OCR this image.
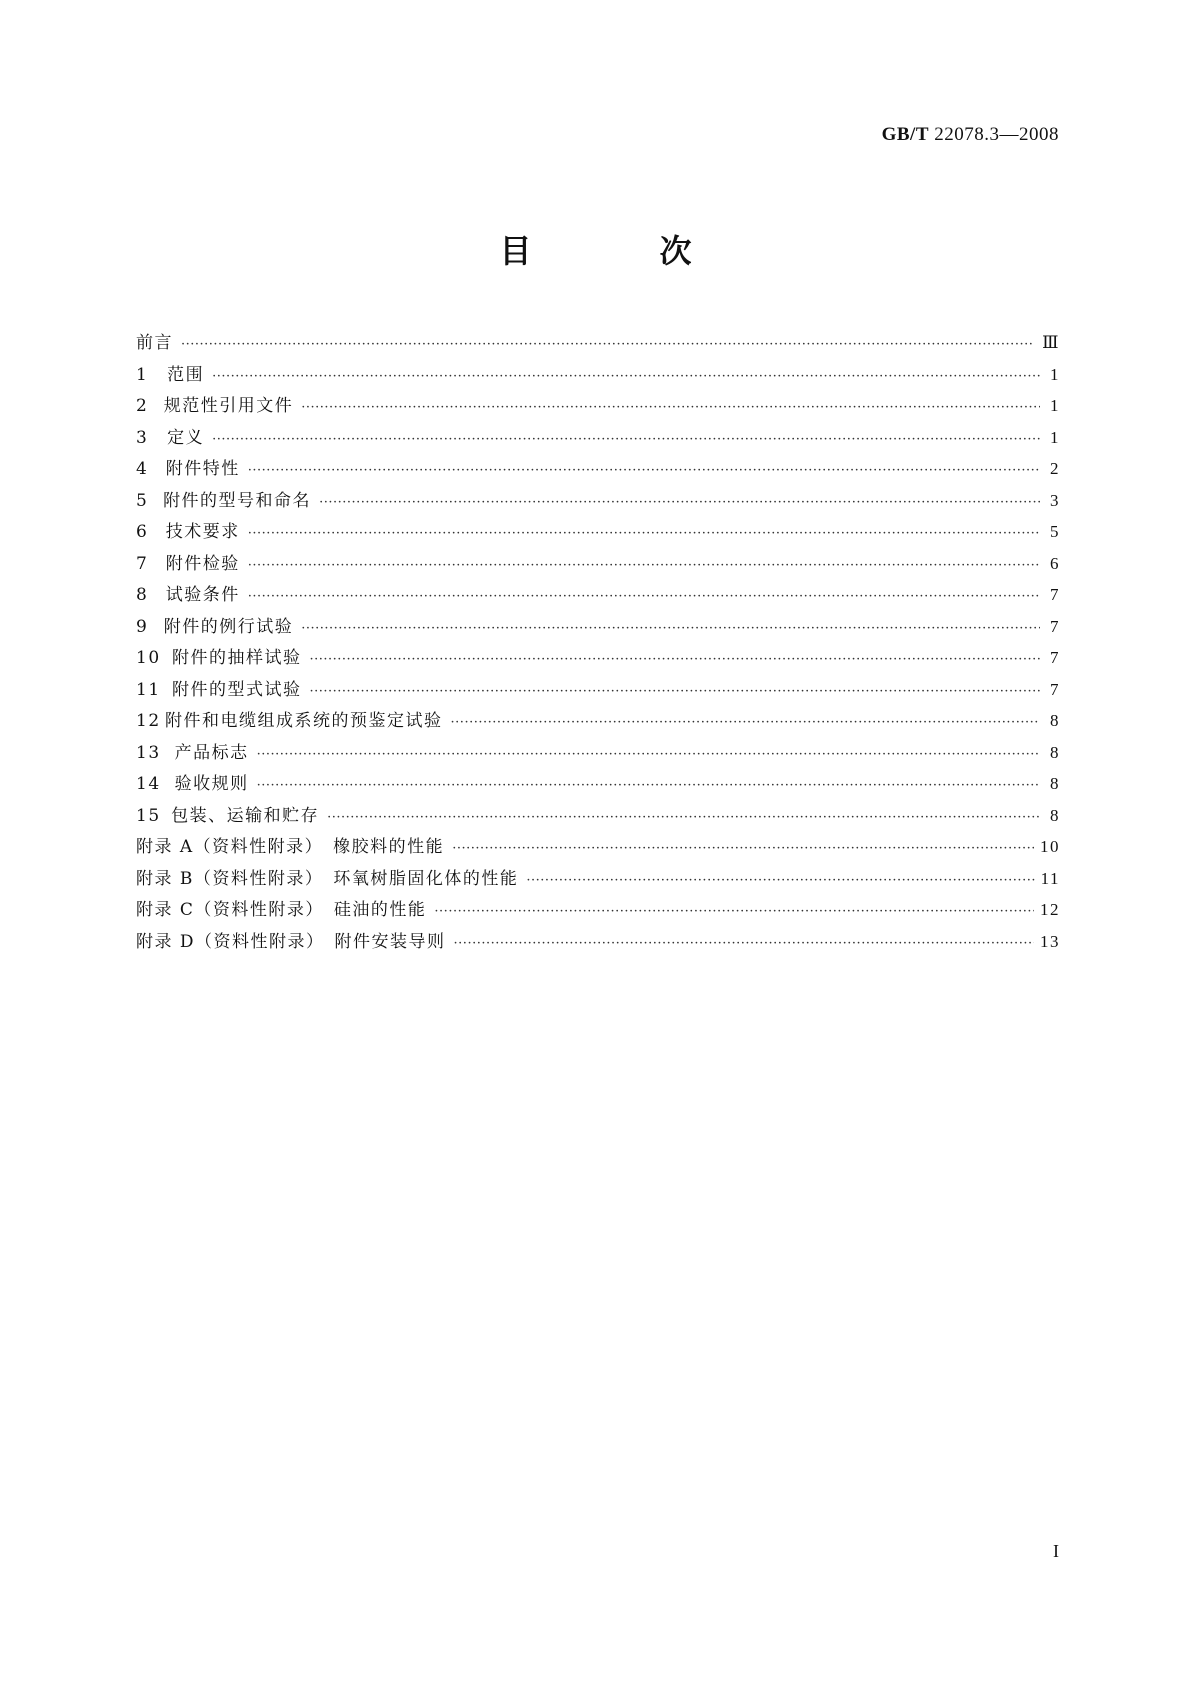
GB/T 22078.3—2008
目　次
前言 ·····	Ⅲ
1	范围 ·····	1
2 规范性引用文件 ·····	1
3	定义 ·····	1
4	附件特性 ·····	2
5 附件的型号和命名 ·····	3
6	技术要求 ·····	5
7	附件检验 ·····	6
8	试验条件 ·····	7
9 附件的例行试验 ·····	7
10 附件的抽样试验 ·····	7
11 附件的型式试验 ·····	7
12 附件和电缆组成系统的预鉴定试验 ·····	8
13 产品标志 ·····	8
14 验收规则 ·····	8
15 包装、运输和贮存 ·····	8
附录 A（资料性附录）　橡胶料的性能 ·····	10
附录 B（资料性附录）　环氧树脂固化体的性能 ·····	11
附录 C（资料性附录）　硅油的性能 ·····	12
附录 D（资料性附录）　附件安装导则 ·····	13
I
